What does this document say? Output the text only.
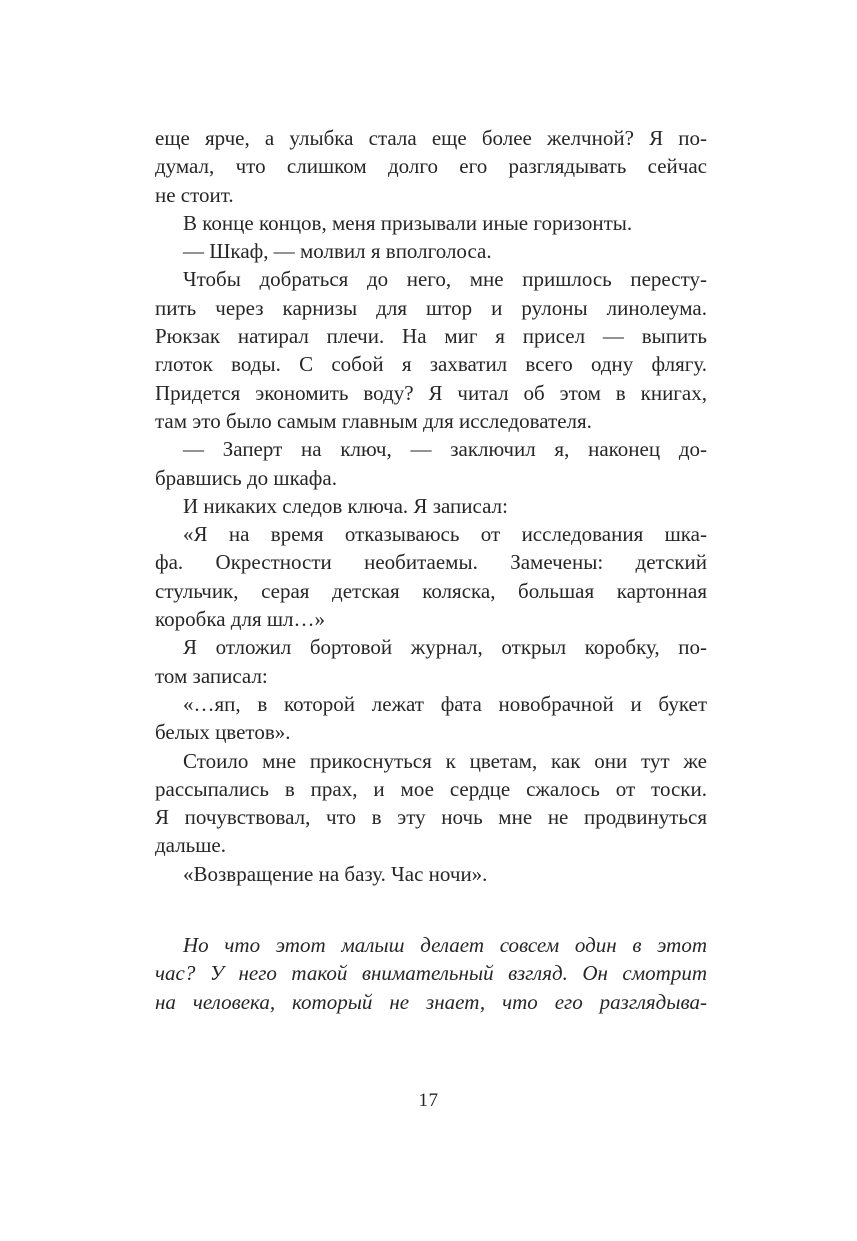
еще ярче, а улыбка стала еще более желчной? Я по-
думал, что слишком долго его разглядывать сейчас
не стоит.
В конце концов, меня призывали иные горизонты.
— Шкаф, — молвил я вполголоса.
Чтобы добраться до него, мне пришлось пересту-
пить через карнизы для штор и рулоны линолеума.
Рюкзак натирал плечи. На миг я присел — выпить
глоток воды. С собой я захватил всего одну флягу.
Придется экономить воду? Я читал об этом в книгах,
там это было самым главным для исследователя.
— Заперт на ключ, — заключил я, наконец до-
бравшись до шкафа.
И никаких следов ключа. Я записал:
«Я на время отказываюсь от исследования шка-
фа. Окрестности необитаемы. Замечены: детский
стульчик, серая детская коляска, большая картонная
коробка для шл…»
Я отложил бортовой журнал, открыл коробку, по-
том записал:
«…яп, в которой лежат фата новобрачной и букет
белых цветов».
Стоило мне прикоснуться к цветам, как они тут же
рассыпались в прах, и мое сердце сжалось от тоски.
Я почувствовал, что в эту ночь мне не продвинуться
дальше.
«Возвращение на базу. Час ночи».
Но что этот малыш делает совсем один в этот
час? У него такой внимательный взгляд. Он смотрит
на человека, который не знает, что его разглядыва-
17
